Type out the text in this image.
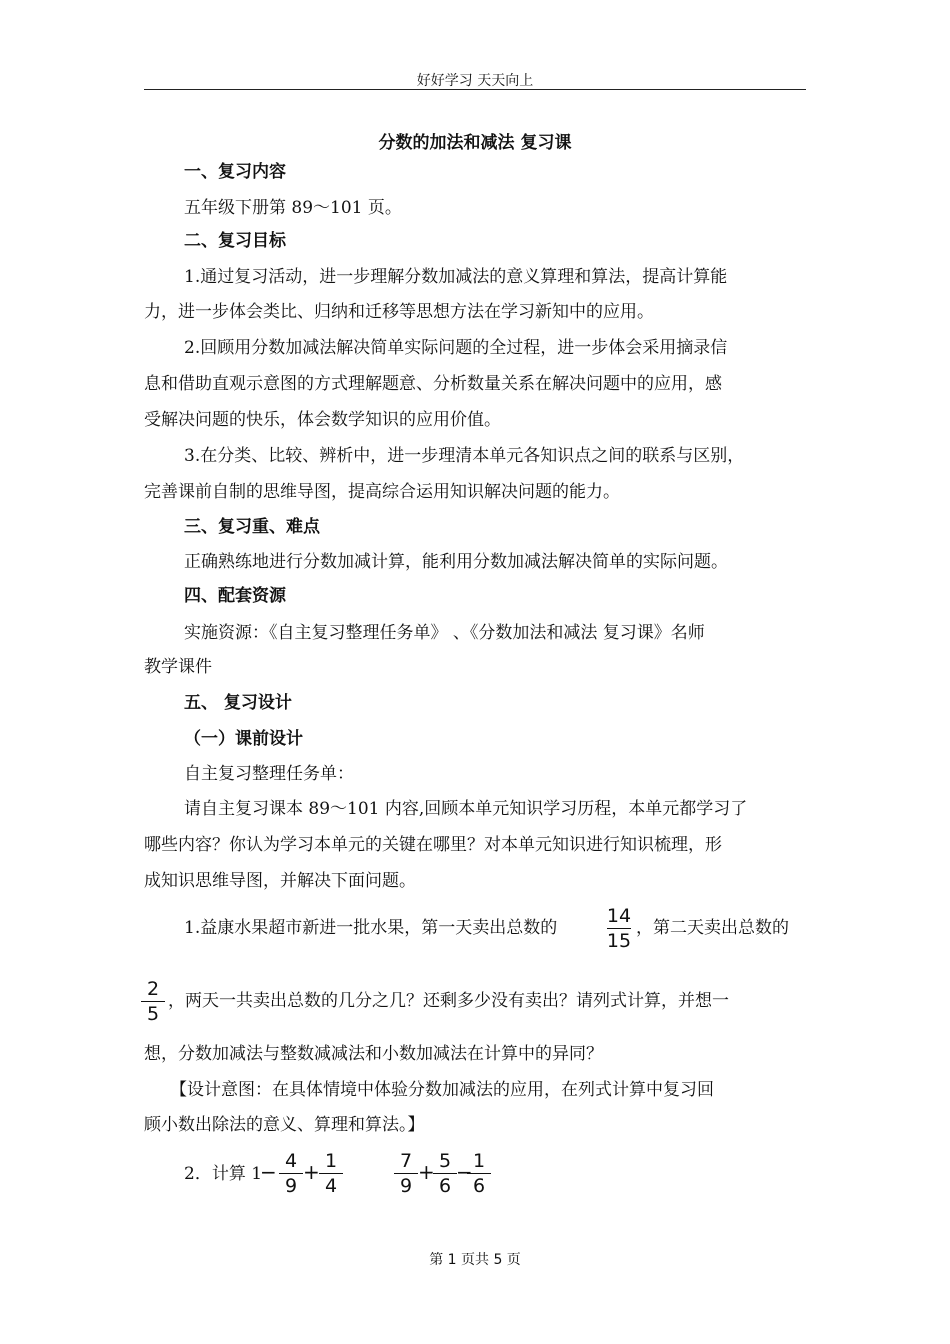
好好学习 天天向上
分数的加法和减法 复习课
一、复习内容
五年级下册第 89～101 页。
二、复习目标
1.通过复习活动，进一步理解分数加减法的意义算理和算法，提高计算能
力，进一步体会类比、归纳和迁移等思想方法在学习新知中的应用。
2.回顾用分数加减法解决简单实际问题的全过程，进一步体会采用摘录信
息和借助直观示意图的方式理解题意、分析数量关系在解决问题中的应用，感
受解决问题的快乐，体会数学知识的应用价值。
3.在分类、比较、辨析中，进一步理清本单元各知识点之间的联系与区别，
完善课前自制的思维导图，提高综合运用知识解决问题的能力。
三、复习重、难点
正确熟练地进行分数加减计算，能利用分数加减法解决简单的实际问题。
四、配套资源
实施资源：《自主复习整理任务单》 、《分数加法和减法 复习课》名师
教学课件
五、 复习设计
（一）课前设计
自主复习整理任务单：
请自主复习课本 89～101 内容,回顾本单元知识学习历程，本单元都学习了
哪些内容？你认为学习本单元的关键在哪里？对本单元知识进行知识梳理，形
成知识思维导图，并解决下面问题。
1.益康水果超市新进一批水果，第一天卖出总数的
14
15
，第二天卖出总数的
2
5
，两天一共卖出总数的几分之几？还剩多少没有卖出？请列式计算，并想一
想，分数加减法与整数减减法和小数加减法在计算中的异同？
【设计意图：在具体情境中体验分数加减法的应用，在列式计算中复习回
顾小数出除法的意义、算理和算法。】
2．计算 1
− 4
9
+ 1
4
7
9
+ 5
6
− 1
6
第 1 页共 5 页
